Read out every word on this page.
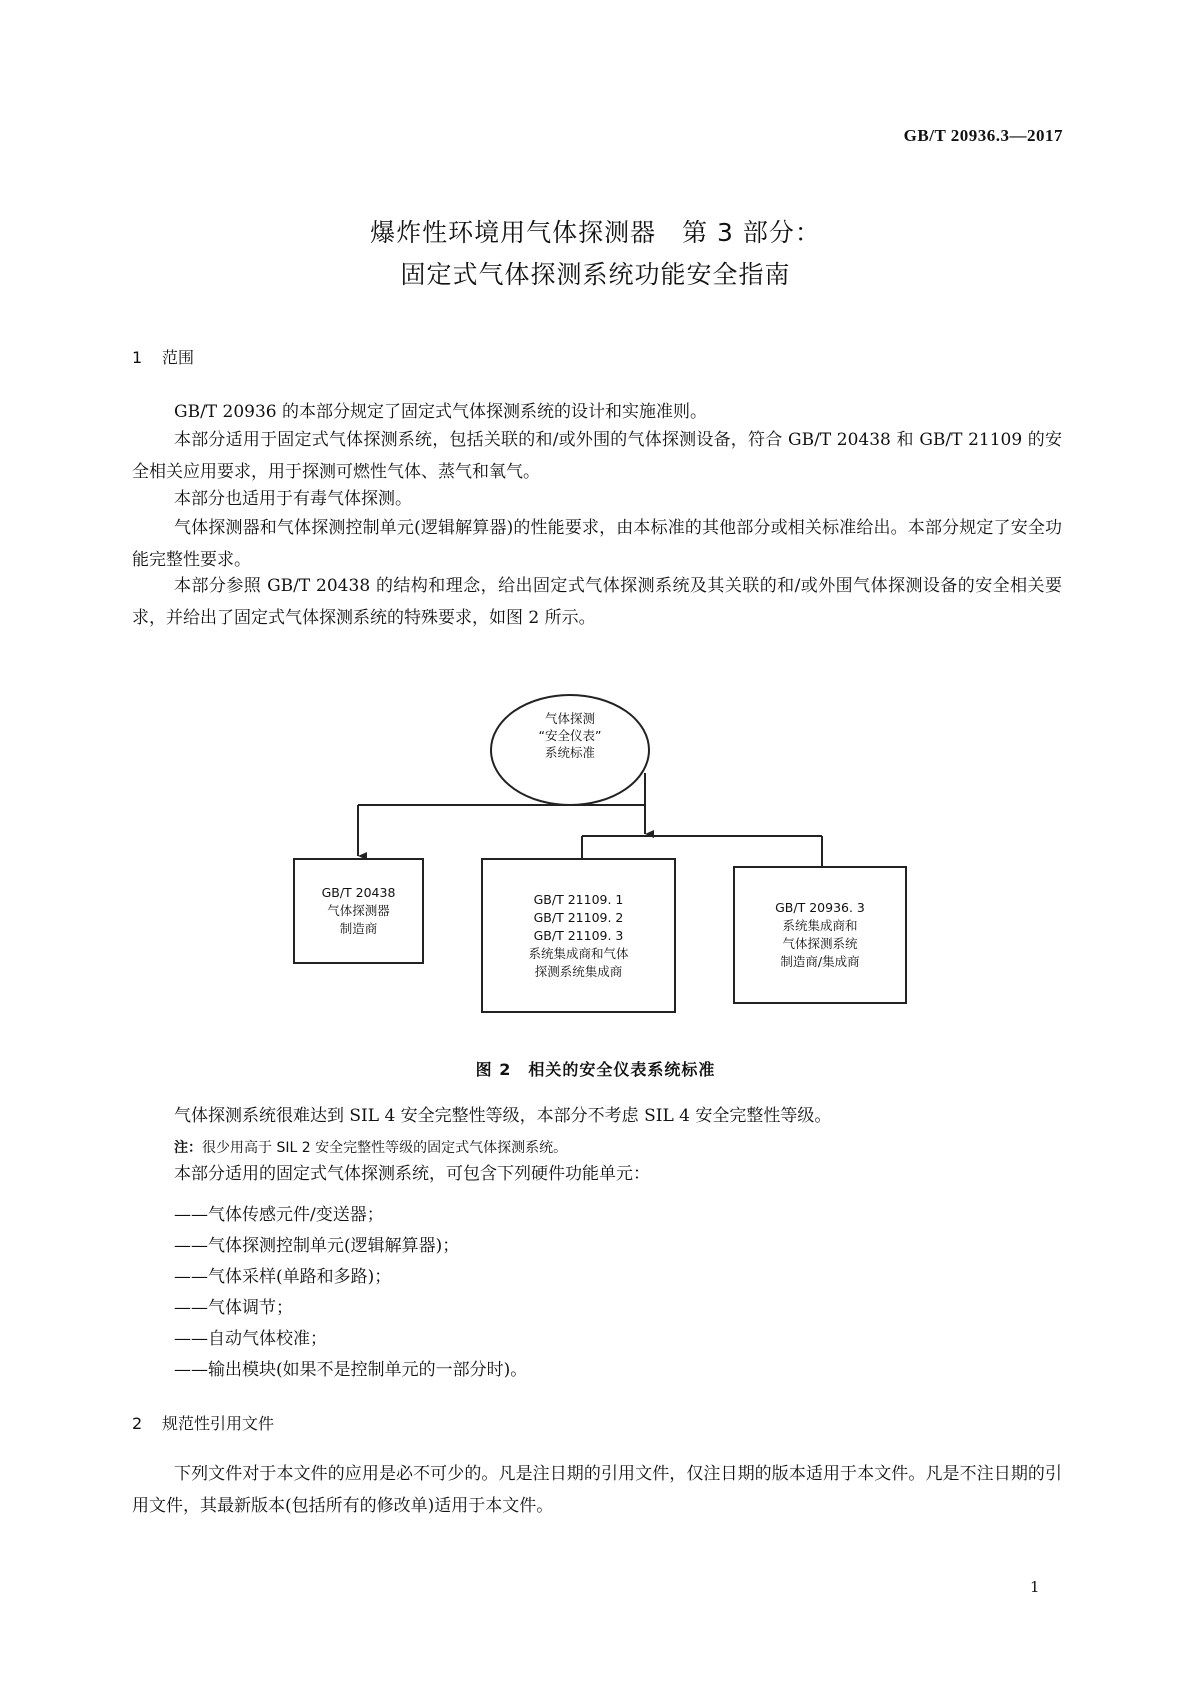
GB/T 20936.3—2017
爆炸性环境用气体探测器　第 3 部分：
固定式气体探测系统功能安全指南
1 范围
GB/T 20936 的本部分规定了固定式气体探测系统的设计和实施准则。
本部分适用于固定式气体探测系统，包括关联的和/或外围的气体探测设备，符合 GB/T 20438 和 GB/T 21109 的安全相关应用要求，用于探测可燃性气体、蒸气和氧气。
本部分也适用于有毒气体探测。
气体探测器和气体探测控制单元(逻辑解算器)的性能要求，由本标准的其他部分或相关标准给出。本部分规定了安全功能完整性要求。
本部分参照 GB/T 20438 的结构和理念，给出固定式气体探测系统及其关联的和/或外围气体探测设备的安全相关要求，并给出了固定式气体探测系统的特殊要求，如图 2 所示。
气体探测
“安全仪表”
系统标准
GB/T 20438
气体探测器
制造商
GB/T 21109. 1
GB/T 21109. 2
GB/T 21109. 3
系统集成商和气体
探测系统集成商
GB/T 20936. 3
系统集成商和
气体探测系统
制造商/集成商
图 2　相关的安全仪表系统标准
气体探测系统很难达到 SIL 4 安全完整性等级，本部分不考虑 SIL 4 安全完整性等级。
注：很少用高于 SIL 2 安全完整性等级的固定式气体探测系统。
本部分适用的固定式气体探测系统，可包含下列硬件功能单元：
——气体传感元件/变送器；
——气体探测控制单元(逻辑解算器)；
——气体采样(单路和多路)；
——气体调节；
——自动气体校准；
——输出模块(如果不是控制单元的一部分时)。
2 规范性引用文件
下列文件对于本文件的应用是必不可少的。凡是注日期的引用文件，仅注日期的版本适用于本文件。凡是不注日期的引用文件，其最新版本(包括所有的修改单)适用于本文件。
1
